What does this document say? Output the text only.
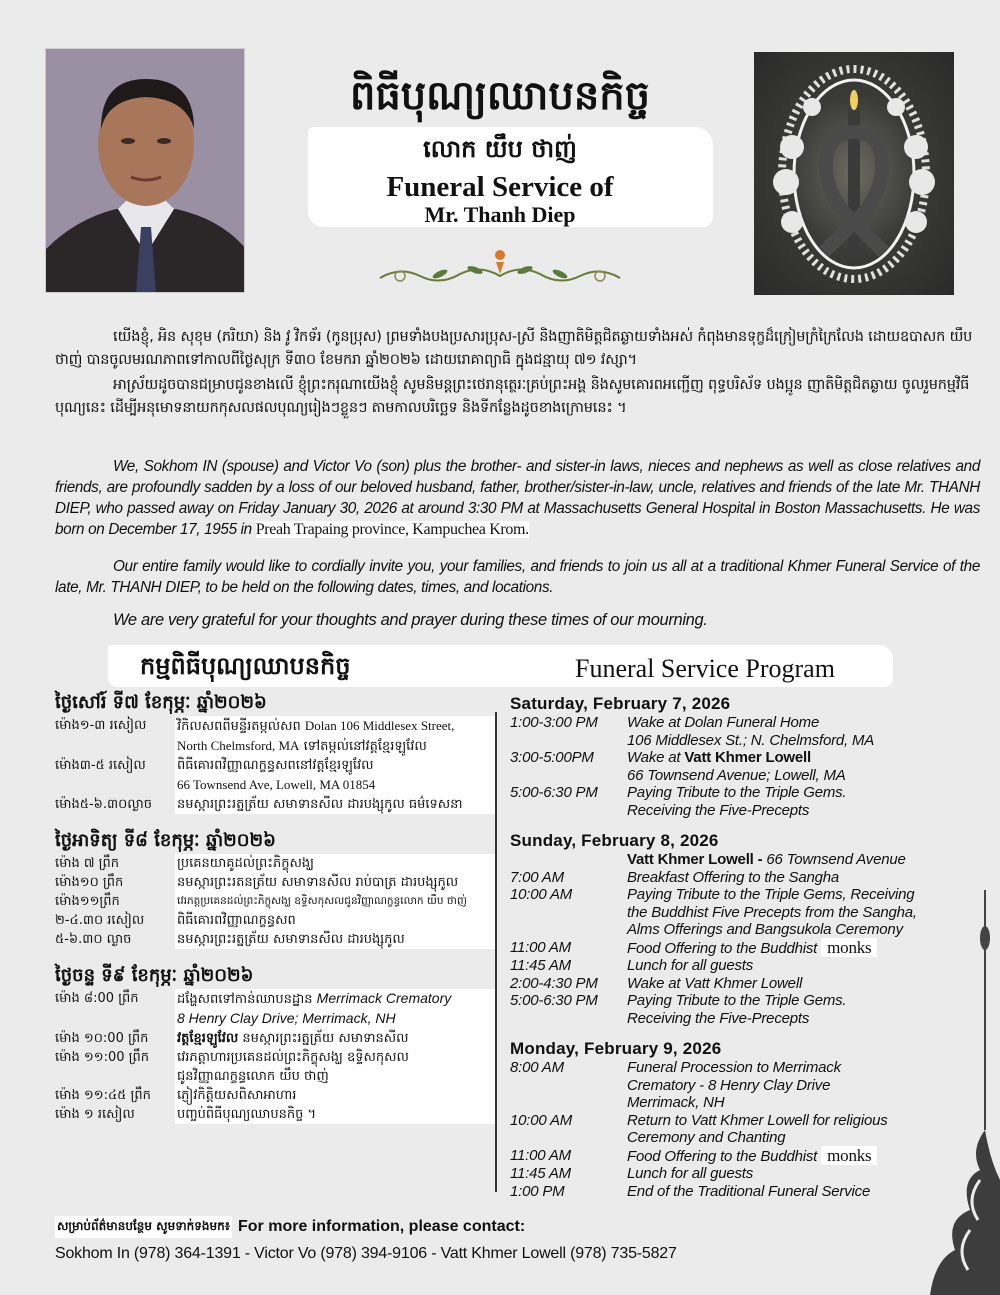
ពិធីបុណ្យឈាបនកិច្ច
លោក យឹប ថាញ់
Funeral Service of
Mr. Thanh Diep
យើងខ្ញុំ, អិន សុខុម (ភរិយា) និង វូ វិកទ័រ (កូនប្រុស) ព្រមទាំងបងប្រសារប្រុស-ស្រី និងញាតិមិត្តជិតឆ្ងាយទាំងអស់ កំពុងមានទុក្ខដ៏ក្រៀមក្រំក្រៃលែង ដោយឧបាសក យឹប ថាញ់ បានចូលមរណភាពទៅកាលពីថ្ងៃសុក្រ ទី៣០ ខែមករា ឆ្នាំ២០២៦ ដោយរោគាព្យាធិ ក្នុងជន្មាយុ ៧១ វស្សា។
អាស្រ័យដូចបានជម្រាបជូនខាងលើ ខ្ញុំព្រះករុណាយើងខ្ញុំ សូមនិមន្តព្រះថេរានុត្ថេរៈគ្រប់ព្រះអង្គ និងសូមគោរពអញ្ជើញ ពុទ្ធបរិស័ទ បងប្អូន ញាតិមិត្តជិតឆ្ងាយ ចូលរួមកម្មវិធីបុណ្យនេះ ដើម្បីអនុមោទនាយកកុសលផលបុណ្យរៀងៗខ្លួនៗ តាមកាលបរិច្ឆេទ និងទីកន្លែងដូចខាងក្រោមនេះ ។
We, Sokhom IN (spouse) and Victor Vo (son) plus the brother- and sister-in laws, nieces and nephews as well as close relatives and friends, are profoundly sadden by a loss of our beloved husband, father, brother/sister-in-law, uncle, relatives and friends of the late Mr. THANH DIEP, who passed away on Friday January 30, 2026 at around 3:30 PM at Massachusetts General Hospital in Boston Massachusetts. He was born on December 17, 1955 in Preah Trapaing province, Kampuchea Krom.
Our entire family would like to cordially invite you, your families, and friends to join us all at a traditional Khmer Funeral Service of the late, Mr. THANH DIEP, to be held on the following dates, times, and locations.
We are very grateful for your thoughts and prayer during these times of our mourning.
កម្មពិធីបុណ្យឈាបនកិច្ច	Funeral Service Program
ថ្ងៃសៅរ៍ ទី៧ ខែកុម្ភៈ ឆ្នាំ២០២៦
ម៉ោង១-៣ រសៀល	វិកិលសពពីមន្ទីរតម្កល់សព Dolan 106 Middlesex Street,
North Chelmsford, MA ទៅតម្កល់នៅវត្តខ្មែរឡូវែល
ម៉ោង៣-៥ រសៀល	ពិធីគោរពវិញ្ញាណក្ខន្ធសពនៅវត្តខ្មែរឡូវែល
66 Townsend Ave, Lowell, MA 01854
ម៉ោង៥-៦.៣០ល្ងាច	នមស្ការព្រះរត្នត្រ័យ សមាទានសីល ដារបង្សុកូល ធម៌ទេសនា
ថ្ងៃអាទិត្យ ទី៨ ខែកុម្ភៈ ឆ្នាំ២០២៦
ម៉ោង ៧ ព្រឹក	ប្រគេនយាគូដល់ព្រះភិក្ខុសង្ឃ
ម៉ោង១០ ព្រឹក	នមស្ការព្រះរតនត្រ័យ សមាទានសីល រាប់បាត្រ ដារបង្សុកូល
ម៉ោង១១ព្រឹក	វេរភត្តប្រគេនដល់ព្រះភិក្ខុសង្ឃ ឧទ្ទិសកុសលជូនវិញ្ញាណក្ខន្ធលោក យឹប ថាញ់
២-៤.៣០ រសៀល	ពិធីគោរពវិញ្ញាណក្ខន្ធសព
៥-៦.៣០ ល្ងាច	នមស្ការព្រះរត្នត្រ័យ សមាទានសីល ដារបង្សុកូល
ថ្ងៃចន្ទ ទី៩ ខែកុម្ភៈ ឆ្នាំ២០២៦
ម៉ោង ៨:00 ព្រឹក	ដង្ហែសពទៅកាន់ឈាបនដ្ឋាន Merrimack Crematory
8 Henry Clay Drive; Merrimack, NH
ម៉ោង ១០:00 ព្រឹក	វត្តខ្មែរឡូវែល នមស្ការព្រះរត្នត្រ័យ សមាទានសីល
ម៉ោង ១១:00 ព្រឹក	វេរភត្តាហារប្រគេនដល់ព្រះភិក្ខុសង្ឃ ឧទ្ទិសកុសល
ជូនវិញ្ញាណក្ខន្ធលោក យឹប ថាញ់
ម៉ោង ១១:៤៥ ព្រឹក	ភ្ញៀវកិត្តិយសពិសាអាហារ
ម៉ោង ១ រសៀល	បញ្ចប់ពិធីបុណ្យឈាបនកិច្ច ។
Saturday, February 7, 2026
1:00-3:00 PM	Wake at Dolan Funeral Home
106 Middlesex St.; N. Chelmsford, MA
3:00-5:00PM	Wake at Vatt Khmer Lowell
66 Townsend Avenue; Lowell, MA
5:00-6:30 PM	Paying Tribute to the Triple Gems.
Receiving the Five-Precepts
Sunday, February 8, 2026
Vatt Khmer Lowell - 66 Townsend Avenue
7:00 AM	Breakfast Offering to the Sangha
10:00 AM	Paying Tribute to the Triple Gems, Receiving
the Buddhist Five Precepts from the Sangha,
Alms Offerings and Bangsukola Ceremony
11:00 AM	Food Offering to the Buddhist monks
11:45 AM	Lunch for all guests
2:00-4:30 PM	Wake at Vatt Khmer Lowell
5:00-6:30 PM	Paying Tribute to the Triple Gems.
Receiving the Five-Precepts
Monday, February 9, 2026
8:00 AM	Funeral Procession to Merrimack
Crematory - 8 Henry Clay Drive
Merrimack, NH
10:00 AM	Return to Vatt Khmer Lowell for religious
Ceremony and Chanting
11:00 AM	Food Offering to the Buddhist monks
11:45 AM	Lunch for all guests
1:00 PM	End of the Traditional Funeral Service
សម្រាប់ព័ត៌មានបន្ថែម សូមទាក់ទងមក៖ For more information, please contact:
Sokhom In (978) 364-1391 - Victor Vo (978) 394-9106 - Vatt Khmer Lowell (978) 735-5827
